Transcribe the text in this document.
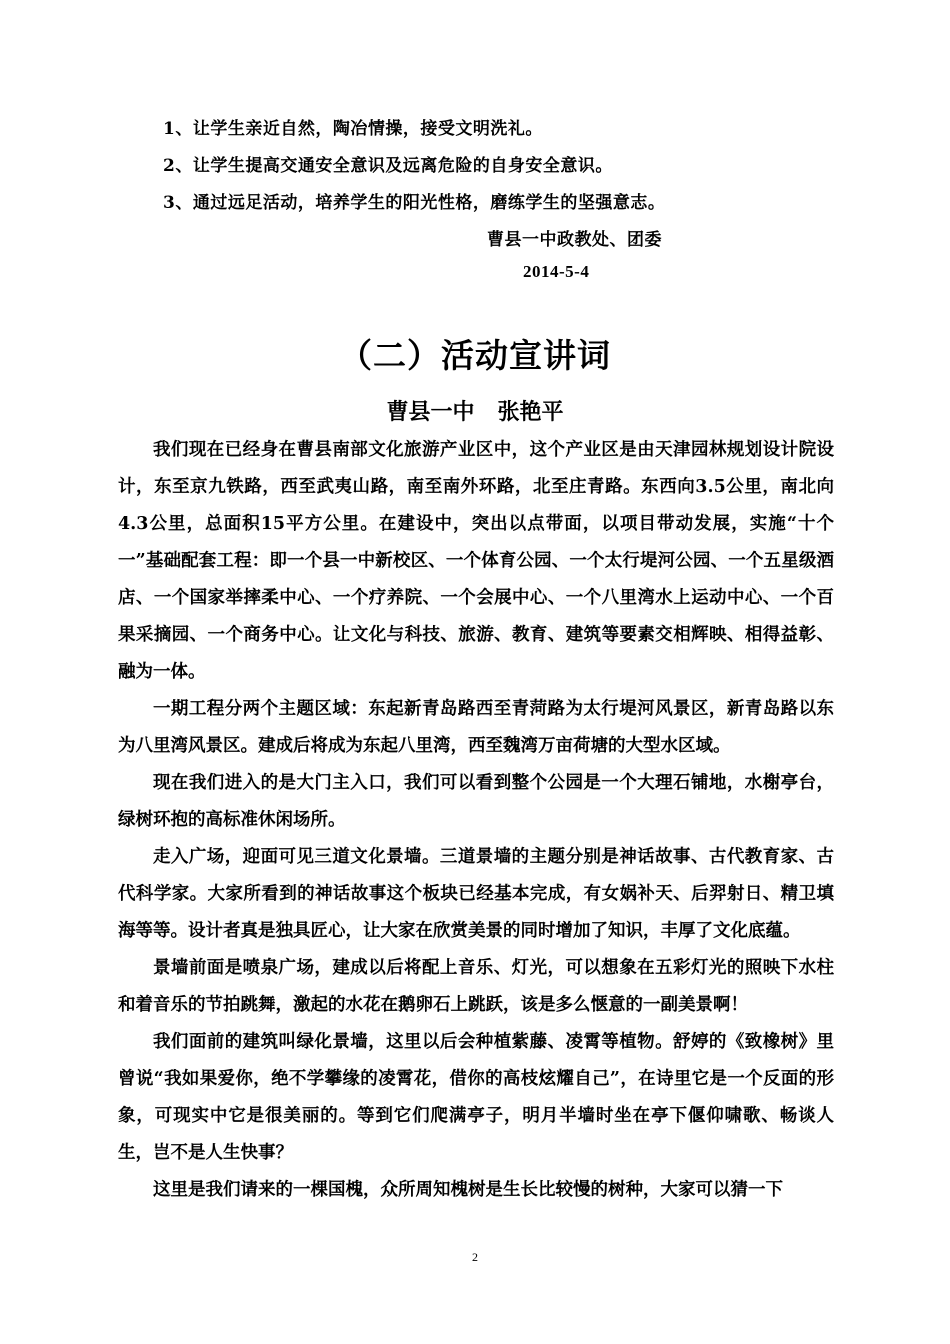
1、让学生亲近自然，陶冶情操，接受文明洗礼。
2、让学生提高交通安全意识及远离危险的自身安全意识。
3、通过远足活动，培养学生的阳光性格，磨练学生的坚强意志。
曹县一中政教处、团委
2014-5-4
（二）活动宣讲词
曹县一中   张艳平

我们现在已经身在曹县南部文化旅游产业区中，这个产业区是由天津园林规划设计院设计，东至京九铁路，西至武夷山路，南至南外环路，北至庄青路。东西向3.5公里，南北向4.3公里，总面积15平方公里。在建设中，突出以点带面，以项目带动发展，实施“十个一”基础配套工程：即一个县一中新校区、一个体育公园、一个太行堤河公园、一个五星级酒店、一个国家举摔柔中心、一个疗养院、一个会展中心、一个八里湾水上运动中心、一个百果采摘园、一个商务中心。让文化与科技、旅游、教育、建筑等要素交相辉映、相得益彰、融为一体。

一期工程分两个主题区域：东起新青岛路西至青菏路为太行堤河风景区，新青岛路以东为八里湾风景区。建成后将成为东起八里湾，西至魏湾万亩荷塘的大型水区域。

现在我们进入的是大门主入口，我们可以看到整个公园是一个大理石铺地，水榭亭台，绿树环抱的高标准休闲场所。

走入广场，迎面可见三道文化景墙。三道景墙的主题分别是神话故事、古代教育家、古代科学家。大家所看到的神话故事这个板块已经基本完成，有女娲补天、后羿射日、精卫填海等等。设计者真是独具匠心，让大家在欣赏美景的同时增加了知识，丰厚了文化底蕴。

景墙前面是喷泉广场，建成以后将配上音乐、灯光，可以想象在五彩灯光的照映下水柱和着音乐的节拍跳舞，激起的水花在鹅卵石上跳跃，该是多么惬意的一副美景啊！

我们面前的建筑叫绿化景墙，这里以后会种植紫藤、凌霄等植物。舒婷的《致橡树》里曾说“我如果爱你，绝不学攀缘的凌霄花，借你的高枝炫耀自己”，在诗里它是一个反面的形象，可现实中它是很美丽的。等到它们爬满亭子，明月半墙时坐在亭下偃仰啸歌、畅谈人生，岂不是人生快事？

这里是我们请来的一棵国槐，众所周知槐树是生长比较慢的树种，大家可以猜一下

2
